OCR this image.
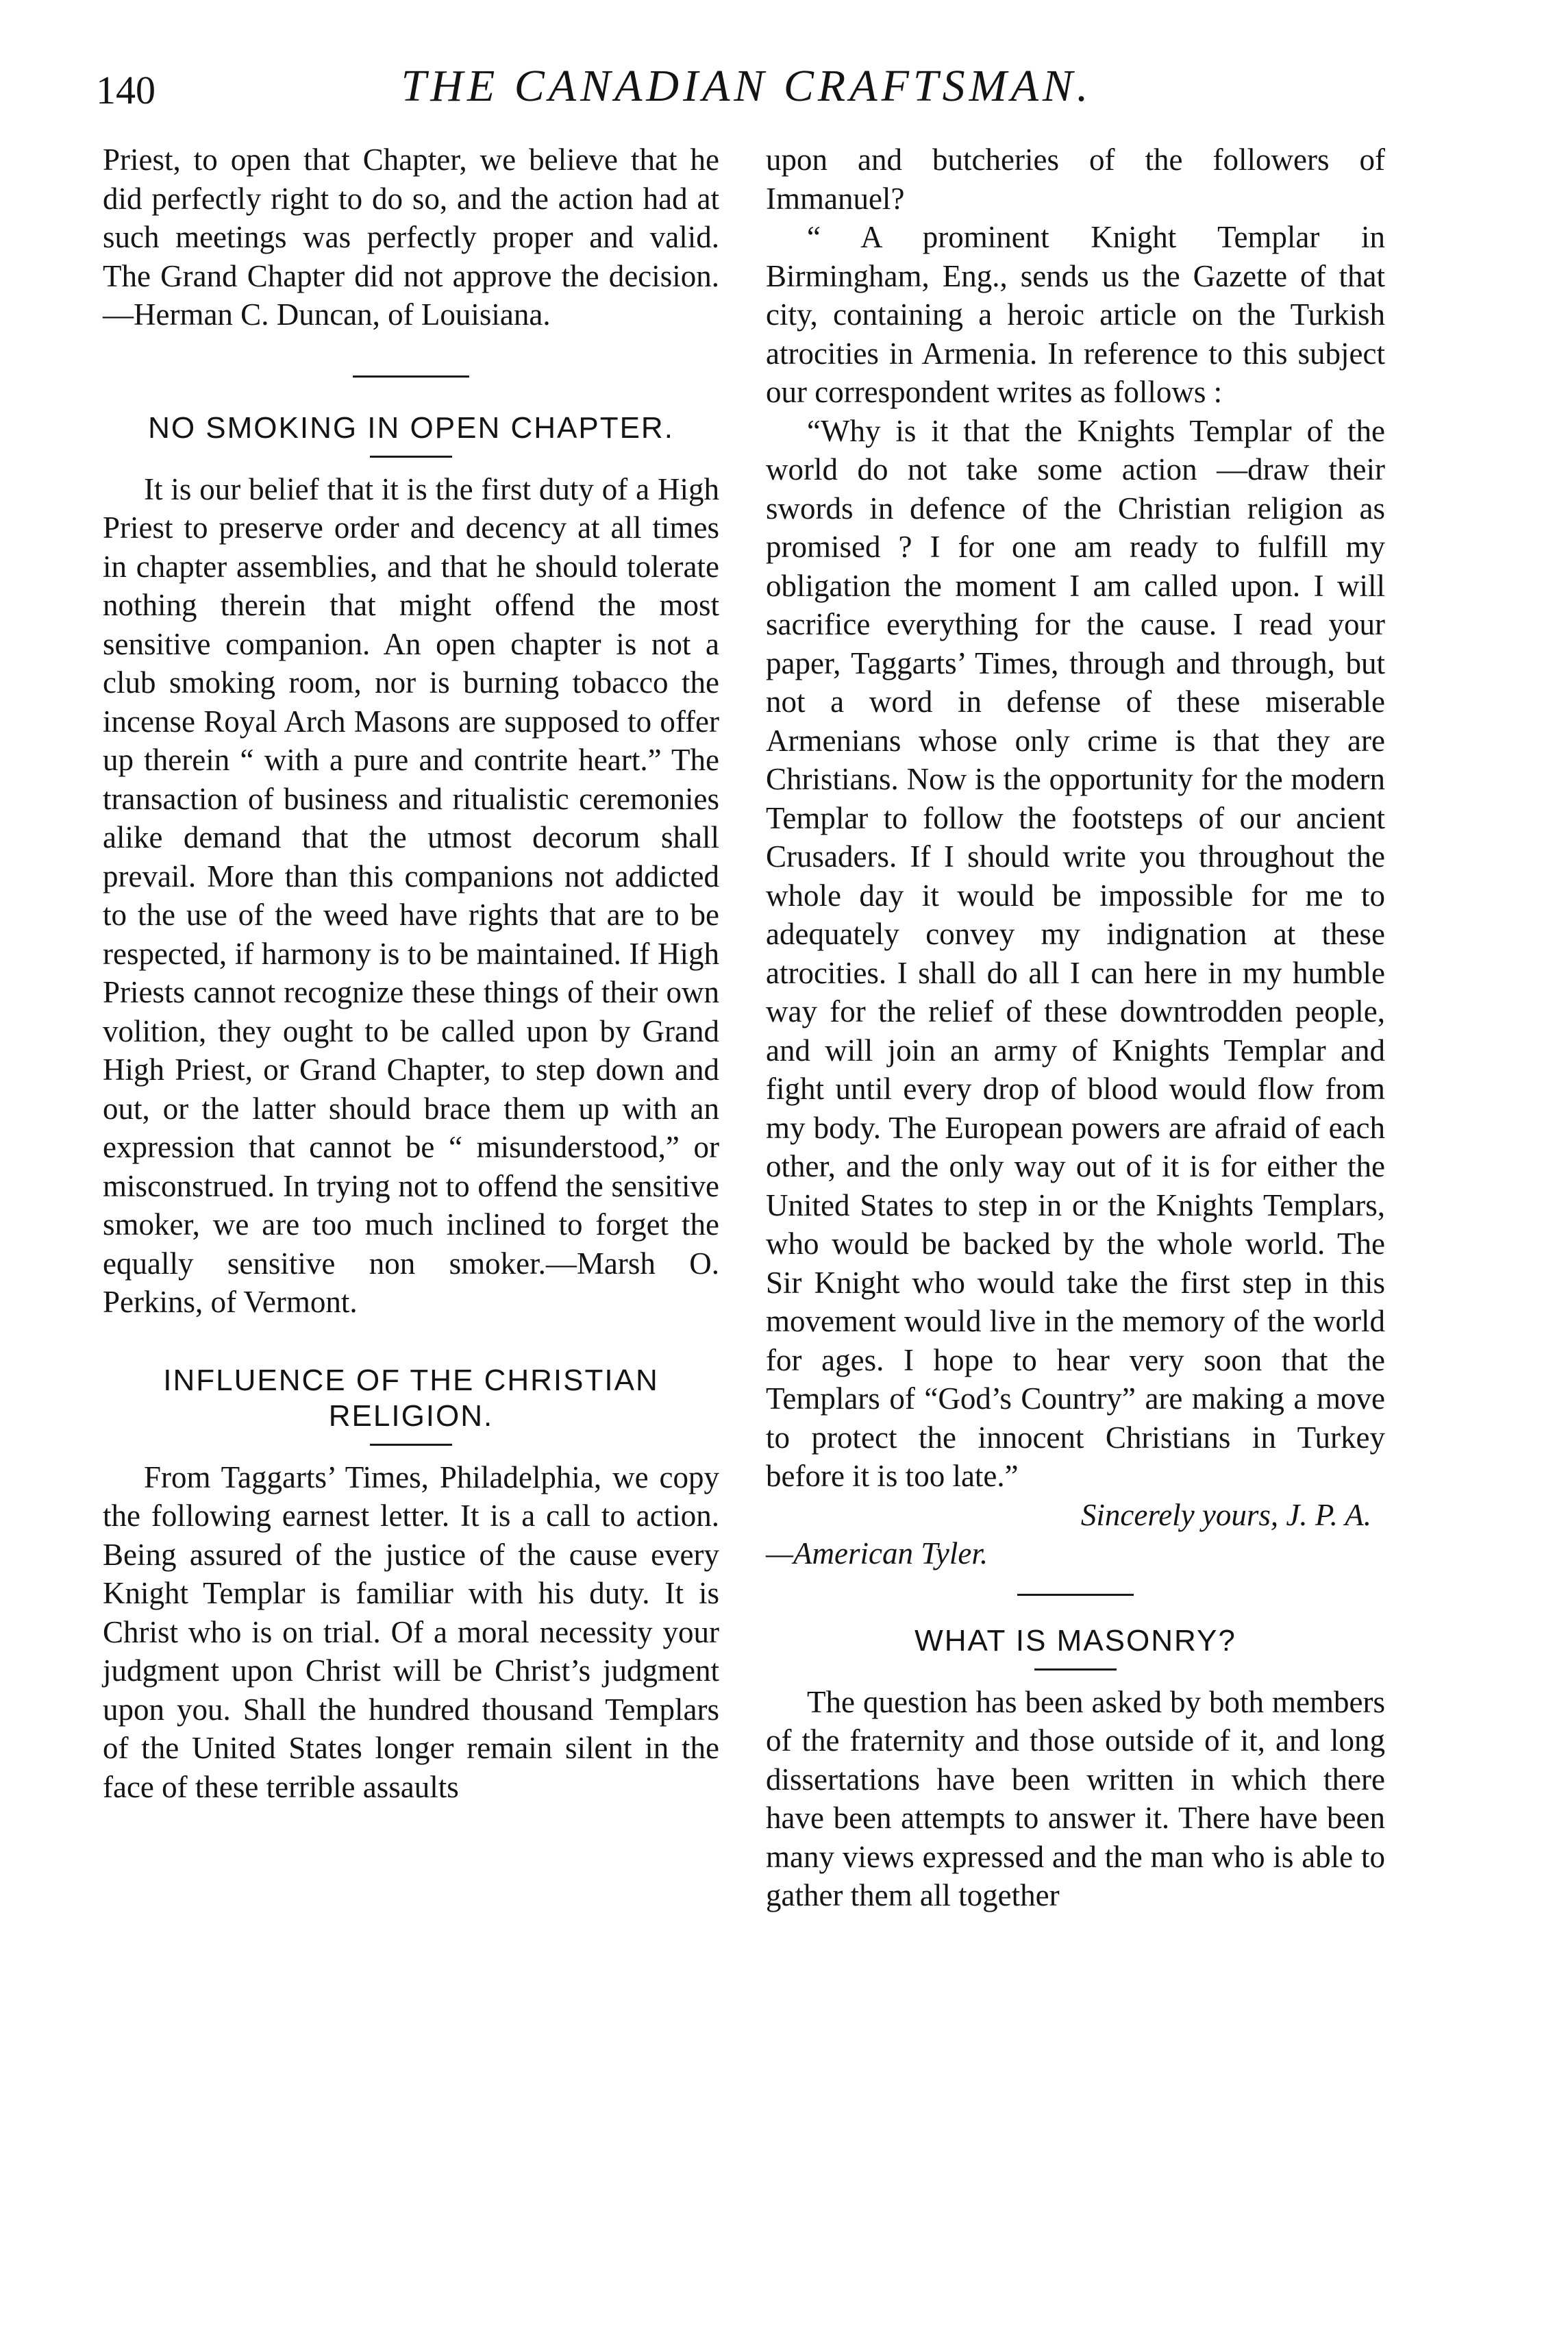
140	THE CANADIAN CRAFTSMAN.

Priest, to open that Chapter, we believe that he did perfectly right to do so, and the action had at such meetings was perfectly proper and valid. The Grand Chapter did not approve the decision.—Herman C. Duncan, of Louisiana.

NO SMOKING IN OPEN CHAPTER.

It is our belief that it is the first duty of a High Priest to preserve order and decency at all times in chapter assemblies, and that he should tolerate nothing therein that might offend the most sensitive companion. An open chapter is not a club smoking room, nor is burning tobacco the incense Royal Arch Masons are supposed to offer up therein “ with a pure and contrite heart.” The transaction of business and ritualistic ceremonies alike demand that the utmost decorum shall prevail. More than this companions not addicted to the use of the weed have rights that are to be respected, if harmony is to be maintained. If High Priests cannot recognize these things of their own volition, they ought to be called upon by Grand High Priest, or Grand Chapter, to step down and out, or the latter should brace them up with an expression that cannot be “ misunderstood,” or misconstrued. In trying not to offend the sensitive smoker, we are too much inclined to forget the equally sensitive non smoker.—Marsh O. Perkins, of Vermont.

INFLUENCE OF THE CHRISTIAN
RELIGION.

From Taggarts’ Times, Philadelphia, we copy the following earnest letter. It is a call to action. Being assured of the justice of the cause every Knight Templar is familiar with his duty. It is Christ who is on trial. Of a moral necessity your judgment upon Christ will be Christ’s judgment upon you. Shall the hundred thousand Templars of the United States longer remain silent in the face of these terrible assaults

upon and butcheries of the followers of Immanuel?

“ A prominent Knight Templar in Birmingham, Eng., sends us the Gazette of that city, containing a heroic article on the Turkish atrocities in Armenia. In reference to this subject our correspondent writes as follows :

“Why is it that the Knights Templar of the world do not take some action —draw their swords in defence of the Christian religion as promised ? I for one am ready to fulfill my obligation the moment I am called upon. I will sacrifice everything for the cause. I read your paper, Taggarts’ Times, through and through, but not a word in defense of these miserable Armenians whose only crime is that they are Christians. Now is the opportunity for the modern Templar to follow the footsteps of our ancient Crusaders. If I should write you throughout the whole day it would be impossible for me to adequately convey my indignation at these atrocities. I shall do all I can here in my humble way for the relief of these downtrodden people, and will join an army of Knights Templar and fight until every drop of blood would flow from my body. The European powers are afraid of each other, and the only way out of it is for either the United States to step in or the Knights Templars, who would be backed by the whole world. The Sir Knight who would take the first step in this movement would live in the memory of the world for ages. I hope to hear very soon that the Templars of “God’s Country” are making a move to protect the innocent Christians in Turkey before it is too late.”

Sincerely yours, J. P. A.

—American Tyler.

WHAT IS MASONRY?

The question has been asked by both members of the fraternity and those outside of it, and long dissertations have been written in which there have been attempts to answer it. There have been many views expressed and the man who is able to gather them all together
